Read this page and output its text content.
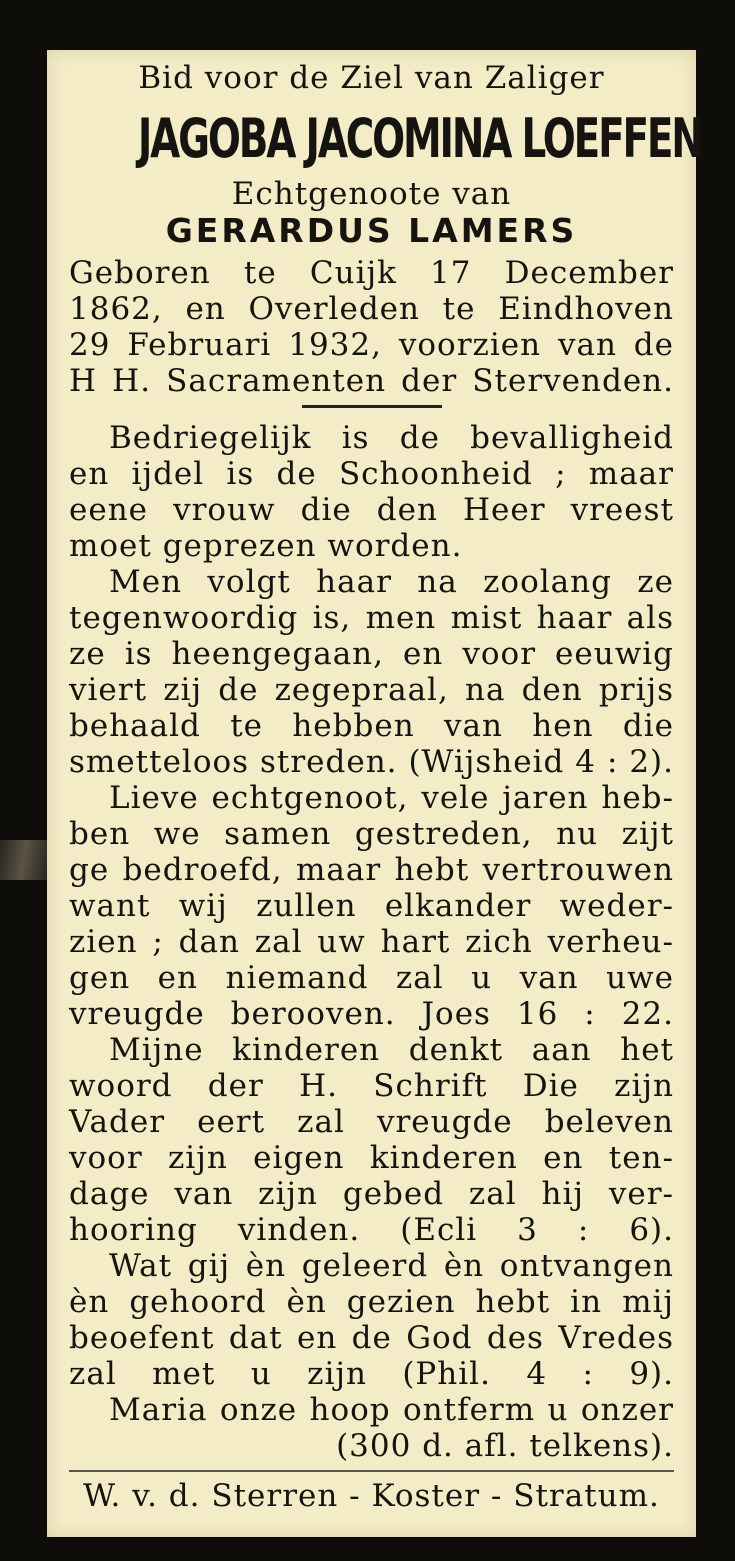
Bid voor de Ziel van Zaliger

JAGOBA JACOMINA LOEFFEN

Echtgenoote van

GERARDUS LAMERS

Geboren te Cuijk 17 December

1862, en Overleden te Eindhoven

29 Februari 1932, voorzien van de

H H. Sacramenten der Stervenden.

Bedriegelijk is de bevalligheid

en ijdel is de Schoonheid ; maar

eene vrouw die den Heer vreest

moet geprezen worden.

Men volgt haar na zoolang ze

tegenwoordig is, men mist haar als

ze is heengegaan, en voor eeuwig

viert zij de zegepraal, na den prijs

behaald te hebben van hen die

smetteloos streden. (Wijsheid 4 : 2).

Lieve echtgenoot, vele jaren heb-

ben we samen gestreden, nu zijt

ge bedroefd, maar hebt vertrouwen

want wij zullen elkander weder-

zien ; dan zal uw hart zich verheu-

gen en niemand zal u van uwe

vreugde berooven. Joes 16 : 22.

Mijne kinderen denkt aan het

woord der H. Schrift Die zijn

Vader eert zal vreugde beleven

voor zijn eigen kinderen en ten-

dage van zijn gebed zal hij ver-

hooring vinden. (Ecli 3 : 6).

Wat gij èn geleerd èn ontvangen

èn gehoord èn gezien hebt in mij

beoefent dat en de God des Vredes

zal met u zijn (Phil. 4 : 9).

Maria onze hoop ontferm u onzer

(300 d. afl. telkens).

W. v. d. Sterren - Koster - Stratum.
